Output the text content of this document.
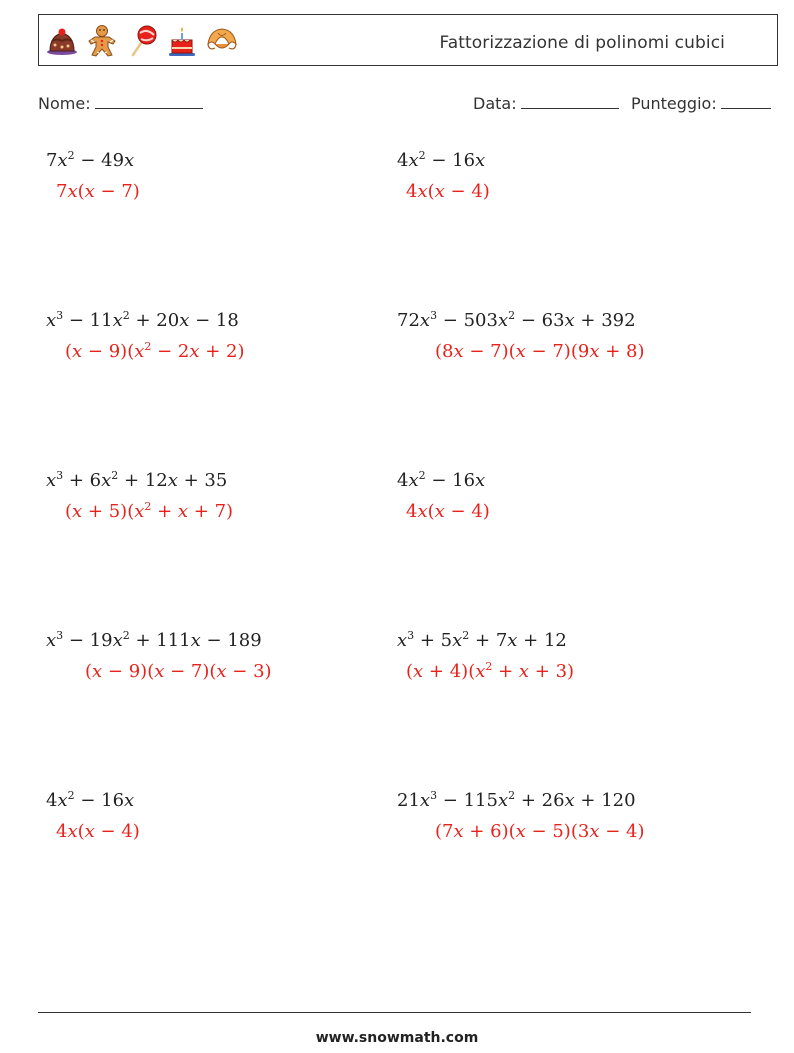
Fattorizzazione di polinomi cubici
Nome:	Data:	Punteggio:
$7x^2 - 49x$
7x(x − 7)
$4x^2 - 16x$
4x(x − 4)
$x^3 - 11x^2 + 20x - 18$
$(x - 9)(x^2 - 2x + 2)$
$72x^3 - 503x^2 - 63x + 392$
(8x − 7)(x − 7)(9x + 8)
$x^3 + 6x^2 + 12x + 35$
$(x + 5)(x^2 + x + 7)$
$4x^2 - 16x$
4x(x − 4)
$x^3 - 19x^2 + 111x - 189$
(x − 9)(x − 7)(x − 3)
$x^3 + 5x^2 + 7x + 12$
$(x + 4)(x^2 + x + 3)$
$4x^2 - 16x$
4x(x − 4)
$21x^3 - 115x^2 + 26x + 120$
(7x + 6)(x − 5)(3x − 4)
www.snowmath.com
